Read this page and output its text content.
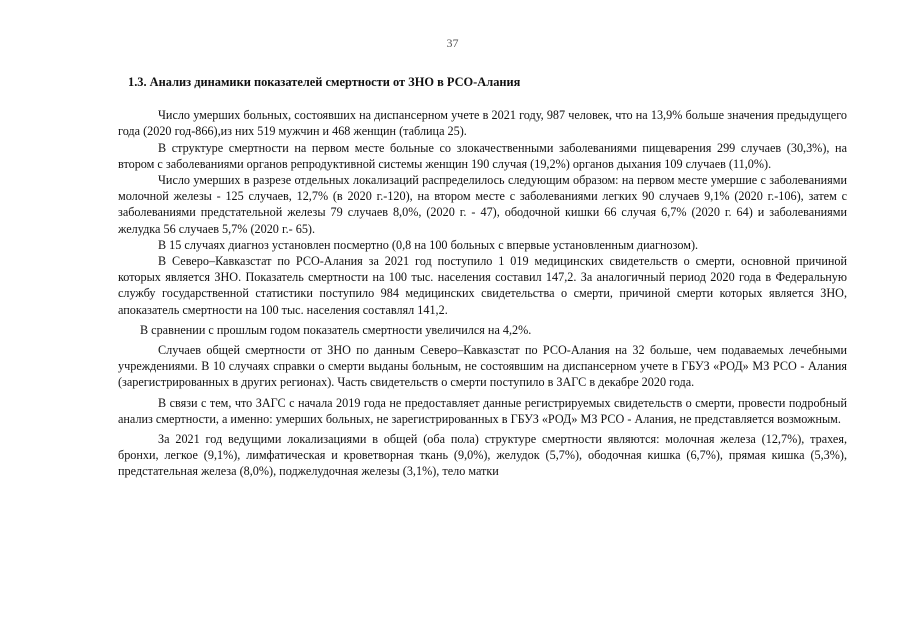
37

1.3. Анализ динамики показателей смертности от ЗНО в РСО-Алания

Число умерших больных, состоявших на диспансерном учете в 2021 году, 987 человек, что на 13,9% больше значения предыдущего года (2020 год-866),из них 519 мужчин и 468 женщин (таблица 25).

В структуре смертности на первом месте больные со злокачественными заболеваниями пищеварения 299 случаев (30,3%), на втором с заболеваниями органов репродуктивной системы женщин 190 случая (19,2%) органов дыхания 109 случаев (11,0%).

Число умерших в разрезе отдельных локализаций распределилось следующим образом: на первом месте умершие с заболеваниями молочной железы - 125 случаев, 12,7% (в 2020 г.-120), на втором месте с заболеваниями легких 90 случаев 9,1% (2020 г.-106), затем с заболеваниями предстательной железы 79 случаев 8,0%, (2020 г. - 47), ободочной кишки 66 случая 6,7% (2020 г. 64) и заболеваниями желудка 56 случаев 5,7% (2020 г.- 65).

В 15 случаях диагноз установлен посмертно (0,8 на 100 больных с впервые установленным диагнозом).

В Северо–Кавказстат по РСО-Алания за 2021 год поступило 1 019 медицинских свидетельств о смерти, основной причиной которых является ЗНО. Показатель смертности на 100 тыс. населения составил 147,2. За аналогичный период 2020 года в Федеральную службу государственной статистики поступило 984 медицинских свидетельства о смерти, причиной смерти которых является ЗНО, апоказатель смертности на 100 тыс. населения составлял 141,2.

В сравнении с прошлым годом показатель смертности увеличился на 4,2%.

Случаев общей смертности от ЗНО по данным Северо–Кавказстат по РСО-Алания на 32 больше, чем подаваемых лечебными учреждениями. В 10 случаях справки о смерти выданы больным, не состоявшим на диспансерном учете в ГБУЗ «РОД» МЗ РСО - Алания (зарегистрированных в других регионах). Часть свидетельств о смерти поступило в ЗАГС в декабре 2020 года.

В связи с тем, что ЗАГС с начала 2019 года не предоставляет данные регистрируемых свидетельств о смерти, провести подробный анализ смертности, а именно: умерших больных, не зарегистрированных в ГБУЗ «РОД» МЗ РСО - Алания, не представляется возможным.

За 2021 год ведущими локализациями в общей (оба пола) структуре смертности являются: молочная железа (12,7%), трахея, бронхи, легкое (9,1%), лимфатическая и кроветворная ткань (9,0%), желудок (5,7%), ободочная кишка (6,7%), прямая кишка (5,3%), предстательная железа (8,0%), поджелудочная железы (3,1%), тело матки
